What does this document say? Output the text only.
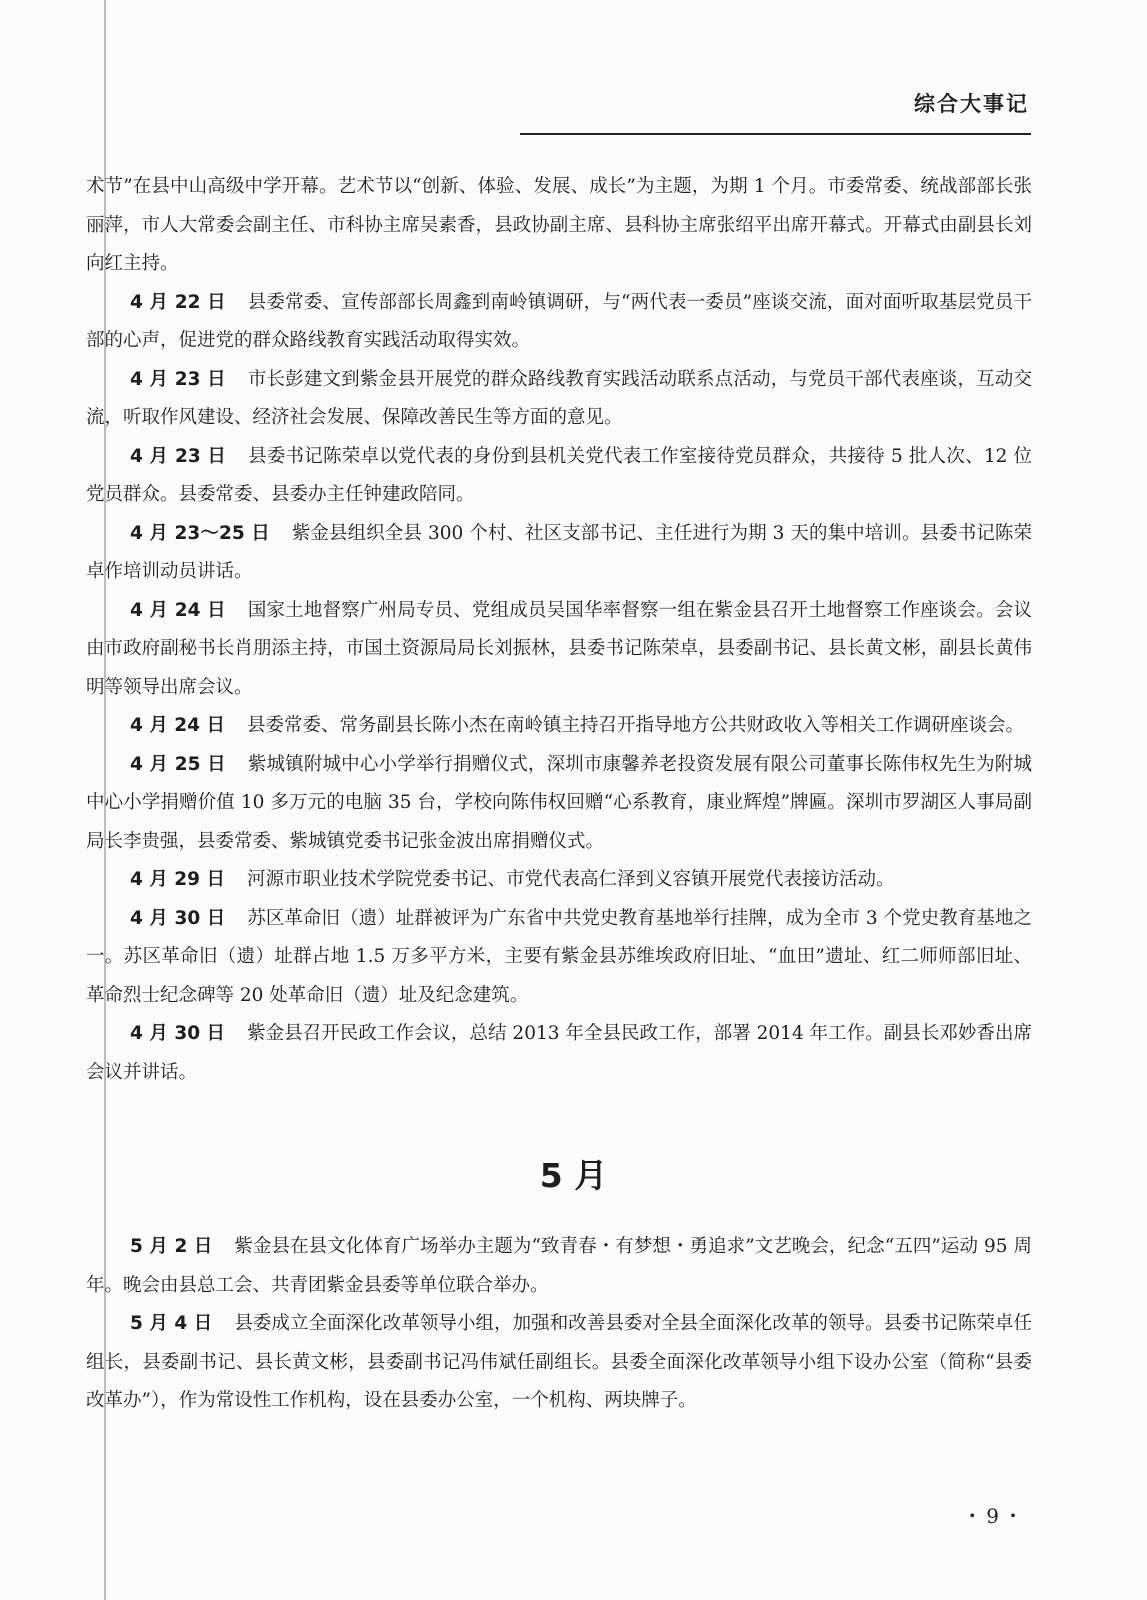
综合大事记

术节”在县中山高级中学开幕。艺术节以“创新、体验、发展、成长”为主题，为期 1 个月。市委常委、统战部部长张丽萍，市人大常委会副主任、市科协主席吴素香，县政协副主席、县科协主席张绍平出席开幕式。开幕式由副县长刘向红主持。

4 月 22 日 县委常委、宣传部部长周鑫到南岭镇调研，与“两代表一委员”座谈交流，面对面听取基层党员干部的心声，促进党的群众路线教育实践活动取得实效。

4 月 23 日 市长彭建文到紫金县开展党的群众路线教育实践活动联系点活动，与党员干部代表座谈，互动交流，听取作风建设、经济社会发展、保障改善民生等方面的意见。

4 月 23 日 县委书记陈荣卓以党代表的身份到县机关党代表工作室接待党员群众，共接待 5 批人次、12 位党员群众。县委常委、县委办主任钟建政陪同。

4 月 23～25 日 紫金县组织全县 300 个村、社区支部书记、主任进行为期 3 天的集中培训。县委书记陈荣卓作培训动员讲话。

4 月 24 日 国家土地督察广州局专员、党组成员吴国华率督察一组在紫金县召开土地督察工作座谈会。会议由市政府副秘书长肖朋添主持，市国土资源局局长刘振林，县委书记陈荣卓，县委副书记、县长黄文彬，副县长黄伟明等领导出席会议。

4 月 24 日 县委常委、常务副县长陈小杰在南岭镇主持召开指导地方公共财政收入等相关工作调研座谈会。

4 月 25 日 紫城镇附城中心小学举行捐赠仪式，深圳市康馨养老投资发展有限公司董事长陈伟权先生为附城中心小学捐赠价值 10 多万元的电脑 35 台，学校向陈伟权回赠“心系教育，康业辉煌”牌匾。深圳市罗湖区人事局副局长李贵强，县委常委、紫城镇党委书记张金波出席捐赠仪式。

4 月 29 日 河源市职业技术学院党委书记、市党代表高仁泽到义容镇开展党代表接访活动。

4 月 30 日 苏区革命旧（遗）址群被评为广东省中共党史教育基地举行挂牌，成为全市 3 个党史教育基地之一。苏区革命旧（遗）址群占地 1.5 万多平方米，主要有紫金县苏维埃政府旧址、“血田”遗址、红二师师部旧址、革命烈士纪念碑等 20 处革命旧（遗）址及纪念建筑。

4 月 30 日 紫金县召开民政工作会议，总结 2013 年全县民政工作，部署 2014 年工作。副县长邓妙香出席会议并讲话。

5 月

5 月 2 日 紫金县在县文化体育广场举办主题为“致青春・有梦想・勇追求”文艺晚会，纪念“五四”运动 95 周年。晚会由县总工会、共青团紫金县委等单位联合举办。

5 月 4 日 县委成立全面深化改革领导小组，加强和改善县委对全县全面深化改革的领导。县委书记陈荣卓任组长，县委副书记、县长黄文彬，县委副书记冯伟斌任副组长。县委全面深化改革领导小组下设办公室（简称“县委改革办”），作为常设性工作机构，设在县委办公室，一个机构、两块牌子。

・9・
